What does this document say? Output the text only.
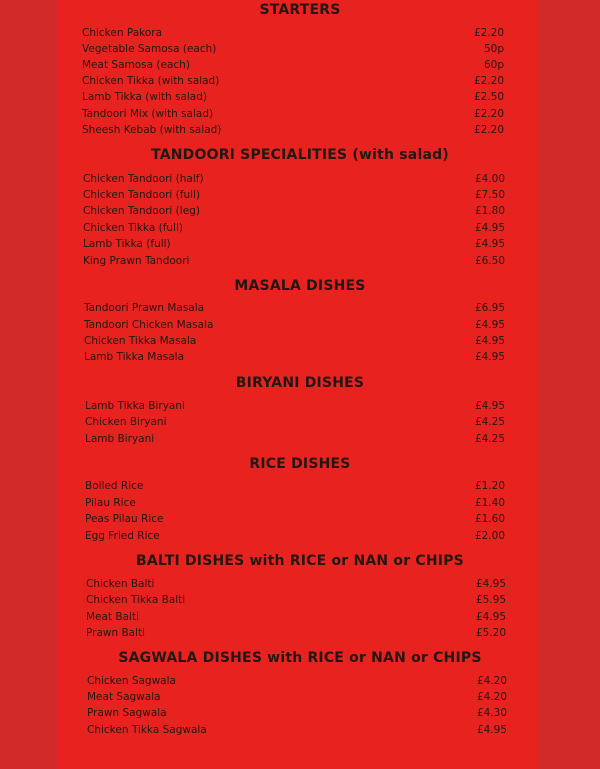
STARTERS
Chicken Pakora	£2.20
Vegetable Samosa (each)	50p
Meat Samosa (each)	60p
Chicken Tikka (with salad)	£2.20
Lamb Tikka (with salad)	£2.50
Tandoori Mix (with salad)	£2.20
Sheesh Kebab (with salad)	£2.20
TANDOORI SPECIALITIES (with salad)
Chicken Tandoori (half)	£4.00
Chicken Tandoori (full)	£7.50
Chicken Tandoori (leg)	£1.80
Chicken Tikka (full)	£4.95
Lamb Tikka (full)	£4.95
King Prawn Tandoori	£6.50
MASALA DISHES
Tandoori Prawn Masala	£6.95
Tandoori Chicken Masala	£4.95
Chicken Tikka Masala	£4.95
Lamb Tikka Masala	£4.95
BIRYANI DISHES
Lamb Tikka Biryani	£4.95
Chicken Biryani	£4.25
Lamb Biryani	£4.25
RICE DISHES
Boiled Rice	£1.20
Pilau Rice	£1.40
Peas Pilau Rice	£1.60
Egg Fried Rice	£2.00
BALTI DISHES with RICE or NAN or CHIPS
Chicken Balti	£4.95
Chicken Tikka Balti	£5.95
Meat Balti	£4.95
Prawn Balti	£5.20
SAGWALA DISHES with RICE or NAN or CHIPS
Chicken Sagwala	£4.20
Meat Sagwala	£4.20
Prawn Sagwala	£4.30
Chicken Tikka Sagwala	£4.95
